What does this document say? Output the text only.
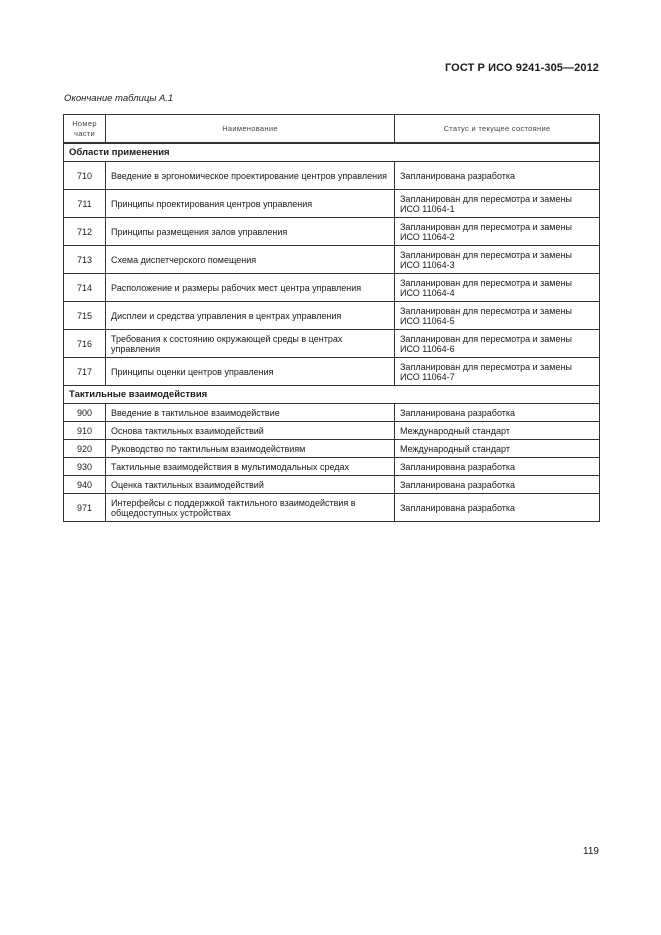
ГОСТ Р ИСО 9241-305—2012
Окончание таблицы А.1
Номер части	Наименование	Статус и текущее состояние
Области применения		
710	Введение в эргономическое проектирование центров управления	Запланирована разработка
711	Принципы проектирования центров управления	Запланирован для пересмотра и замены ИСО 11064-1
712	Принципы размещения залов управления	Запланирован для пересмотра и замены ИСО 11064-2
713	Схема диспетчерского помещения	Запланирован для пересмотра и замены ИСО 11064-3
714	Расположение и размеры рабочих мест центра управления	Запланирован для пересмотра и замены ИСО 11064-4
715	Дисплеи и средства управления в центрах управления	Запланирован для пересмотра и замены ИСО 11064-5
716	Требования к состоянию окружающей среды в центрах управления	Запланирован для пересмотра и замены ИСО 11064-6
717	Принципы оценки центров управления	Запланирован для пересмотра и замены ИСО 11064-7
Тактильные взаимодействия		
900	Введение в тактильное взаимодействие	Запланирована разработка
910	Основа тактильных взаимодействий	Международный стандарт
920	Руководство по тактильным взаимодействиям	Международный стандарт
930	Тактильные взаимодействия в мультимодальных средах	Запланирована разработка
940	Оценка тактильных взаимодействий	Запланирована разработка
971	Интерфейсы с поддержкой тактильного взаимодействия в общедоступных устройствах	Запланирована разработка
119
